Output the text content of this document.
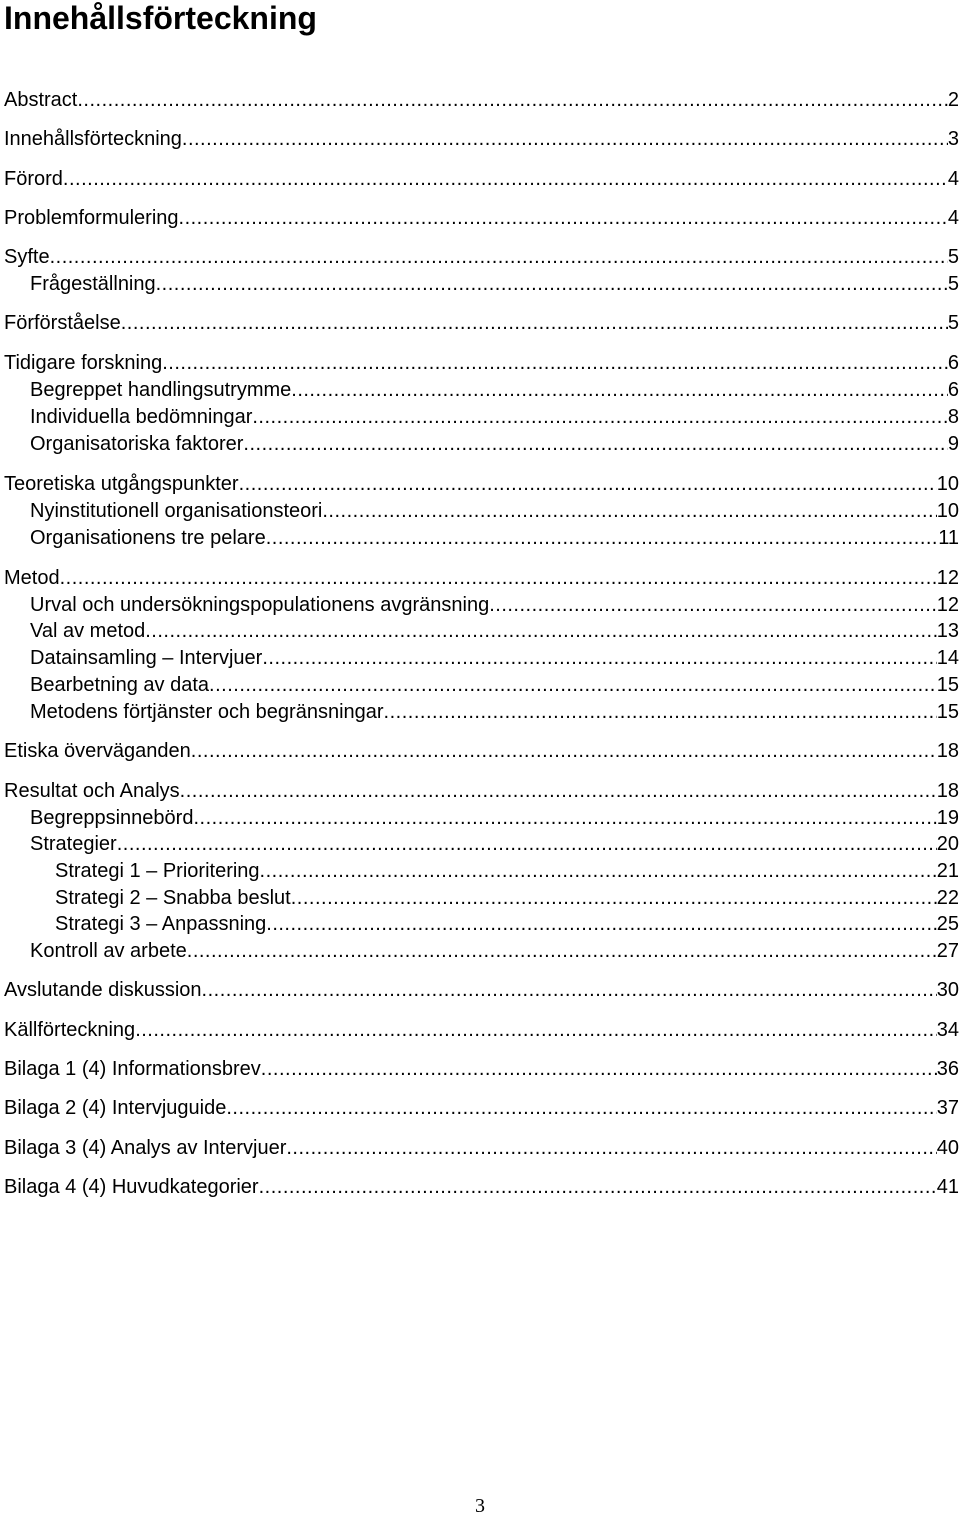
Innehållsförteckning
Abstract .....	2
Innehållsförteckning .....	3
Förord .....	4
Problemformulering .....	4
Syfte .....	5
Frågeställning .....	5
Förförståelse .....	5
Tidigare forskning .....	6
Begreppet handlingsutrymme .....	6
Individuella bedömningar .....	8
Organisatoriska faktorer .....	9
Teoretiska utgångspunkter .....	10
Nyinstitutionell organisationsteori .....	10
Organisationens tre pelare .....	11
Metod .....	12
Urval och undersökningspopulationens avgränsning .....	12
Val av metod .....	13
Datainsamling – Intervjuer .....	14
Bearbetning av data .....	15
Metodens förtjänster och begränsningar .....	15
Etiska överväganden .....	18
Resultat och Analys .....	18
Begreppsinnebörd .....	19
Strategier .....	20
Strategi 1 – Prioritering .....	21
Strategi 2 – Snabba beslut .....	22
Strategi 3 – Anpassning .....	25
Kontroll av arbete .....	27
Avslutande diskussion .....	30
Källförteckning .....	34
Bilaga 1 (4) Informationsbrev .....	36
Bilaga 2 (4) Intervjuguide .....	37
Bilaga 3 (4) Analys av Intervjuer .....	40
Bilaga 4 (4) Huvudkategorier .....	41
3
